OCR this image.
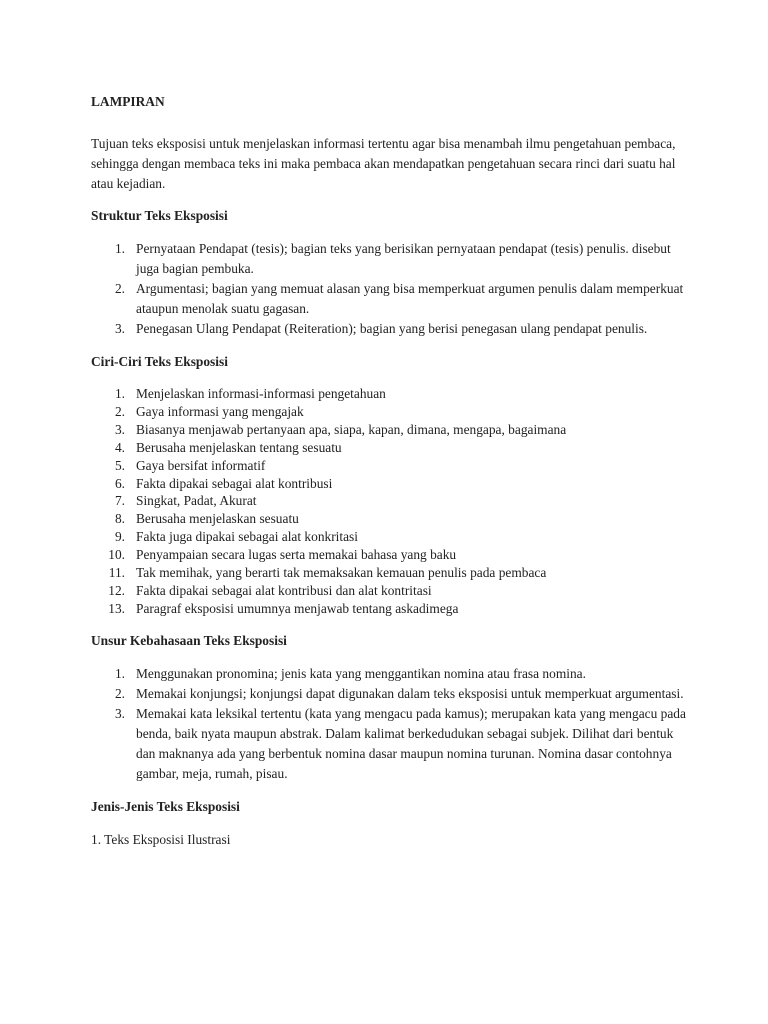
LAMPIRAN

Tujuan teks eksposisi untuk menjelaskan informasi tertentu agar bisa menambah ilmu pengetahuan pembaca, sehingga dengan membaca teks ini maka pembaca akan mendapatkan pengetahuan secara rinci dari suatu hal atau kejadian.

Struktur Teks Eksposisi

1. Pernyataan Pendapat (tesis); bagian teks yang berisikan pernyataan pendapat (tesis) penulis. disebut juga bagian pembuka.
2. Argumentasi; bagian yang memuat alasan yang bisa memperkuat argumen penulis dalam memperkuat ataupun menolak suatu gagasan.
3. Penegasan Ulang Pendapat (Reiteration); bagian yang berisi penegasan ulang pendapat penulis.

Ciri-Ciri Teks Eksposisi

1. Menjelaskan informasi-informasi pengetahuan
2. Gaya informasi yang mengajak
3. Biasanya menjawab pertanyaan apa, siapa, kapan, dimana, mengapa, bagaimana
4. Berusaha menjelaskan tentang sesuatu
5. Gaya bersifat informatif
6. Fakta dipakai sebagai alat kontribusi
7. Singkat, Padat, Akurat
8. Berusaha menjelaskan sesuatu
9. Fakta juga dipakai sebagai alat konkritasi
10. Penyampaian secara lugas serta memakai bahasa yang baku
11. Tak memihak, yang berarti tak memaksakan kemauan penulis pada pembaca
12. Fakta dipakai sebagai alat kontribusi dan alat kontritasi
13. Paragraf eksposisi umumnya menjawab tentang askadimega

Unsur Kebahasaan Teks Eksposisi

1. Menggunakan pronomina; jenis kata yang menggantikan nomina atau frasa nomina.
2. Memakai konjungsi; konjungsi dapat digunakan dalam teks eksposisi untuk memperkuat argumentasi.
3. Memakai kata leksikal tertentu (kata yang mengacu pada kamus); merupakan kata yang mengacu pada benda, baik nyata maupun abstrak. Dalam kalimat berkedudukan sebagai subjek. Dilihat dari bentuk dan maknanya ada yang berbentuk nomina dasar maupun nomina turunan. Nomina dasar contohnya gambar, meja, rumah, pisau.

Jenis-Jenis Teks Eksposisi

1. Teks Eksposisi Ilustrasi
